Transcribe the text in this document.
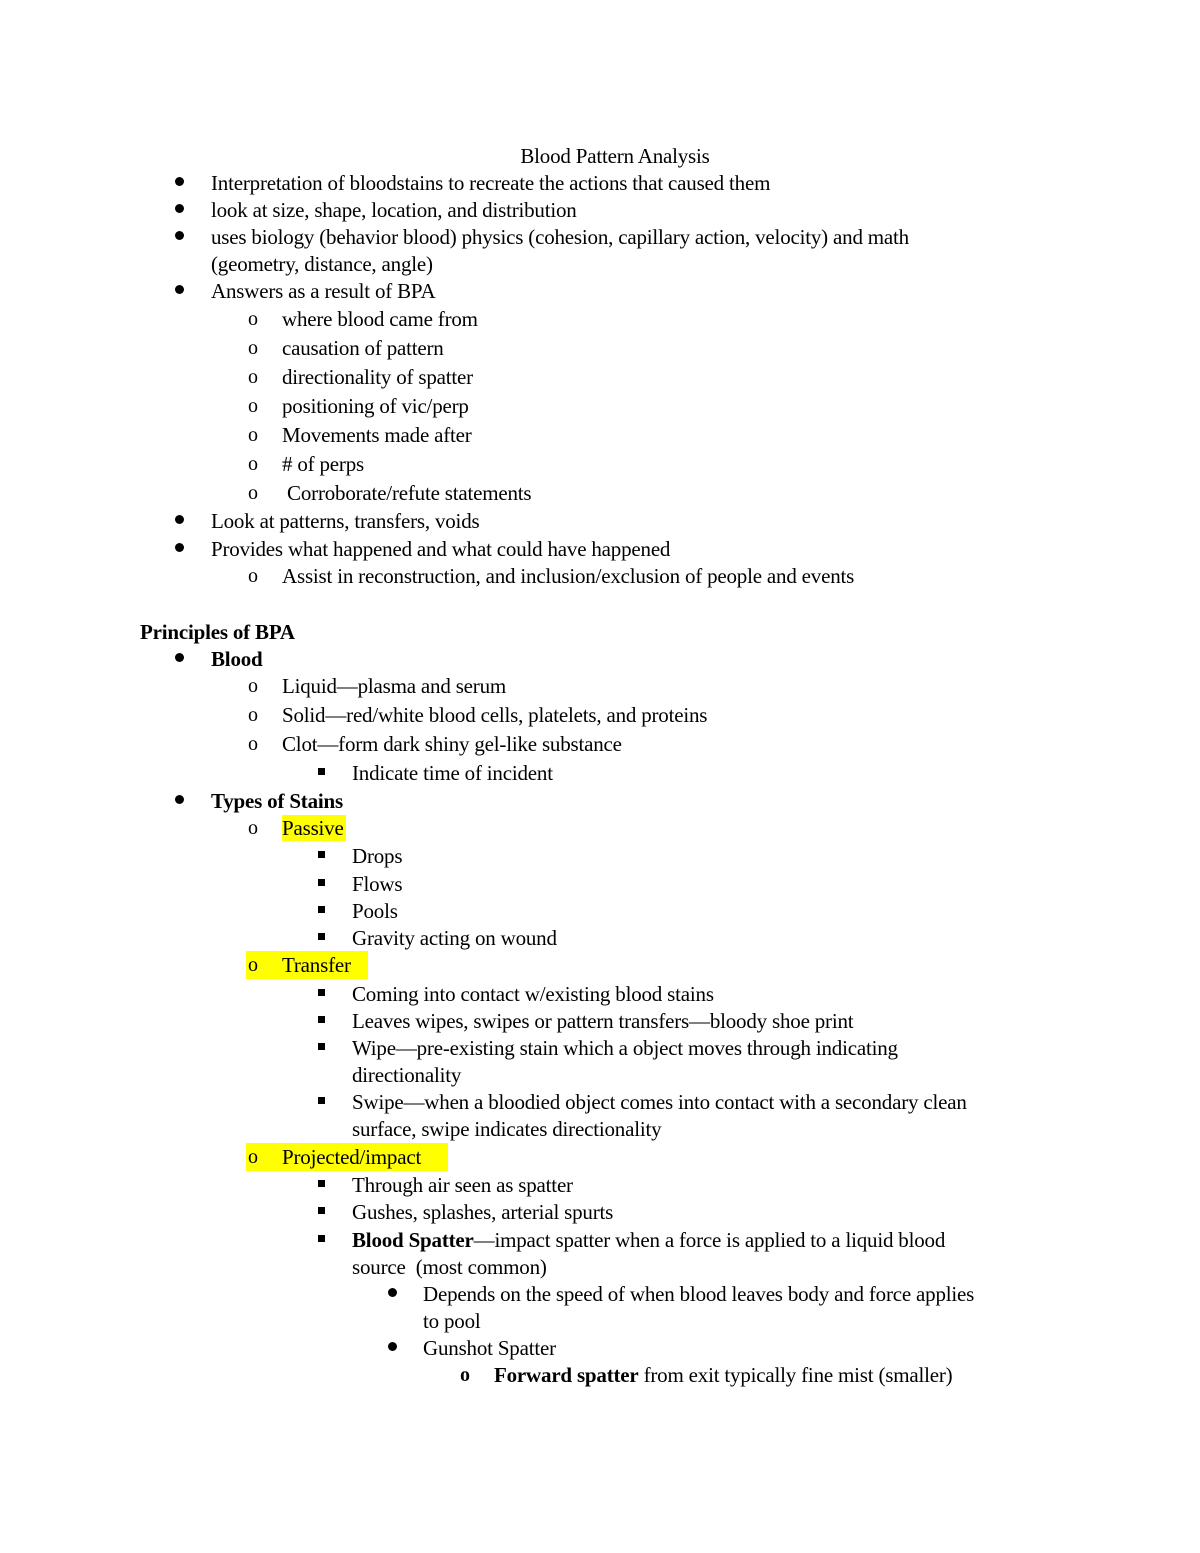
Blood Pattern Analysis
Interpretation of bloodstains to recreate the actions that caused them
look at size, shape, location, and distribution
uses biology (behavior blood) physics (cohesion, capillary action, velocity) and math
(geometry, distance, angle)
Answers as a result of BPA
o where blood came from
o causation of pattern
o directionality of spatter
o positioning of vic/perp
o Movements made after
o # of perps
o Corroborate/refute statements
Look at patterns, transfers, voids
Provides what happened and what could have happened
o Assist in reconstruction, and inclusion/exclusion of people and events
Principles of BPA
Blood
o Liquid—plasma and serum
o Solid—red/white blood cells, platelets, and proteins
o Clot—form dark shiny gel-like substance
Indicate time of incident
Types of Stains
o Passive
Drops
Flows
Pools
Gravity acting on wound
o Transfer
Coming into contact w/existing blood stains
Leaves wipes, swipes or pattern transfers—bloody shoe print
Wipe—pre-existing stain which a object moves through indicating
directionality
Swipe—when a bloodied object comes into contact with a secondary clean
surface, swipe indicates directionality
o Projected/impact
Through air seen as spatter
Gushes, splashes, arterial spurts
Blood Spatter—impact spatter when a force is applied to a liquid blood
source  (most common)
Depends on the speed of when blood leaves body and force applies
to pool
Gunshot Spatter
o Forward spatter from exit typically fine mist (smaller)
